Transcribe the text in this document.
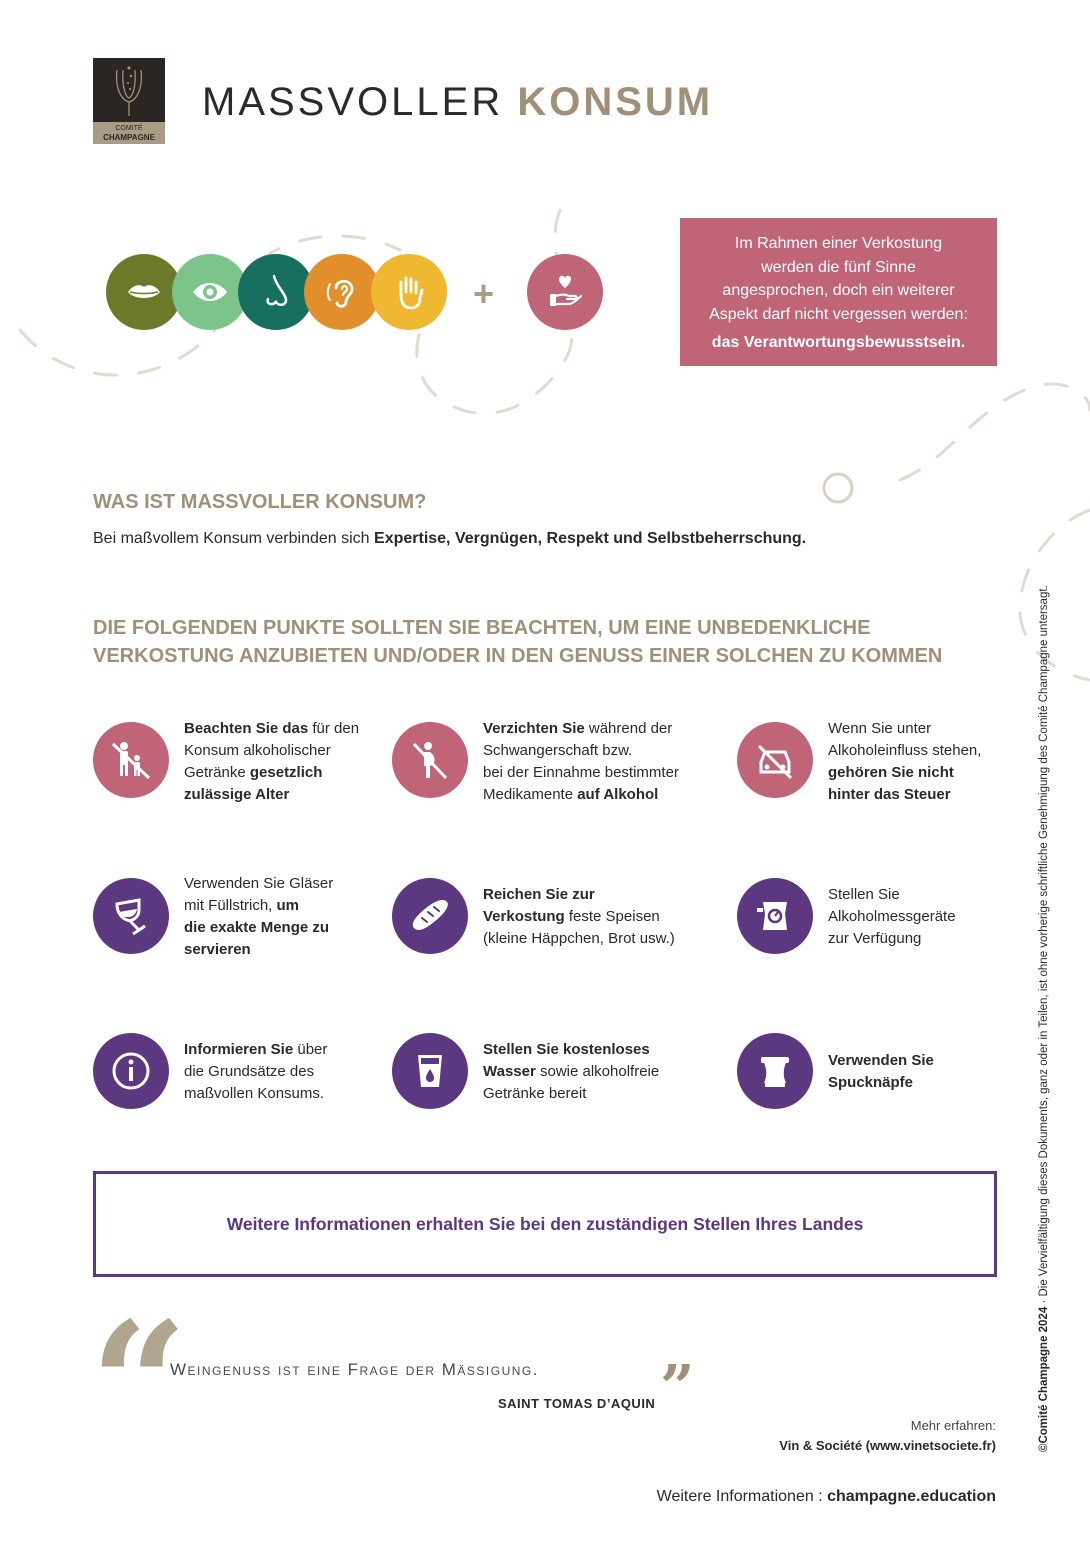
COMITÉ
CHAMPAGNE
MASSVOLLER KONSUM
+
Im Rahmen einer Verkostung
werden die fünf Sinne
angesprochen, doch ein weiterer
Aspekt darf nicht vergessen werden:
das Verantwortungsbewusstsein.
WAS IST MASSVOLLER KONSUM?
Bei maßvollem Konsum verbinden sich Expertise, Vergnügen, Respekt und Selbstbeherrschung.
DIE FOLGENDEN PUNKTE SOLLTEN SIE BEACHTEN, UM EINE UNBEDENKLICHE
VERKOSTUNG ANZUBIETEN UND/ODER IN DEN GENUSS EINER SOLCHEN ZU KOMMEN
Beachten Sie das für den
Konsum alkoholischer
Getränke gesetzlich
zulässige Alter
Verzichten Sie während der
Schwangerschaft bzw.
bei der Einnahme bestimmter
Medikamente auf Alkohol
Wenn Sie unter
Alkoholeinfluss stehen,
gehören Sie nicht
hinter das Steuer
Verwenden Sie Gläser
mit Füllstrich, um
die exakte Menge zu
servieren
Reichen Sie zur
Verkostung feste Speisen
(kleine Häppchen, Brot usw.)
Stellen Sie
Alkoholmessgeräte
zur Verfügung
Informieren Sie über
die Grundsätze des
maßvollen Konsums.
Stellen Sie kostenloses
Wasser sowie alkoholfreie
Getränke bereit
Verwenden Sie
Spucknäpfe
Weitere Informationen erhalten Sie bei den zuständigen Stellen Ihres Landes
“
Weingenuss ist eine Frage der Mässigung. ”
SAINT TOMAS D’AQUIN
Mehr erfahren:
Vin & Société (www.vinetsociete.fr)
Weitere Informationen : champagne.education
©Comité Champagne 2024 · Die Vervielfältigung dieses Dokuments, ganz oder in Teilen, ist ohne vorherige schriftliche Genehmigung des Comité Champagne untersagt.
